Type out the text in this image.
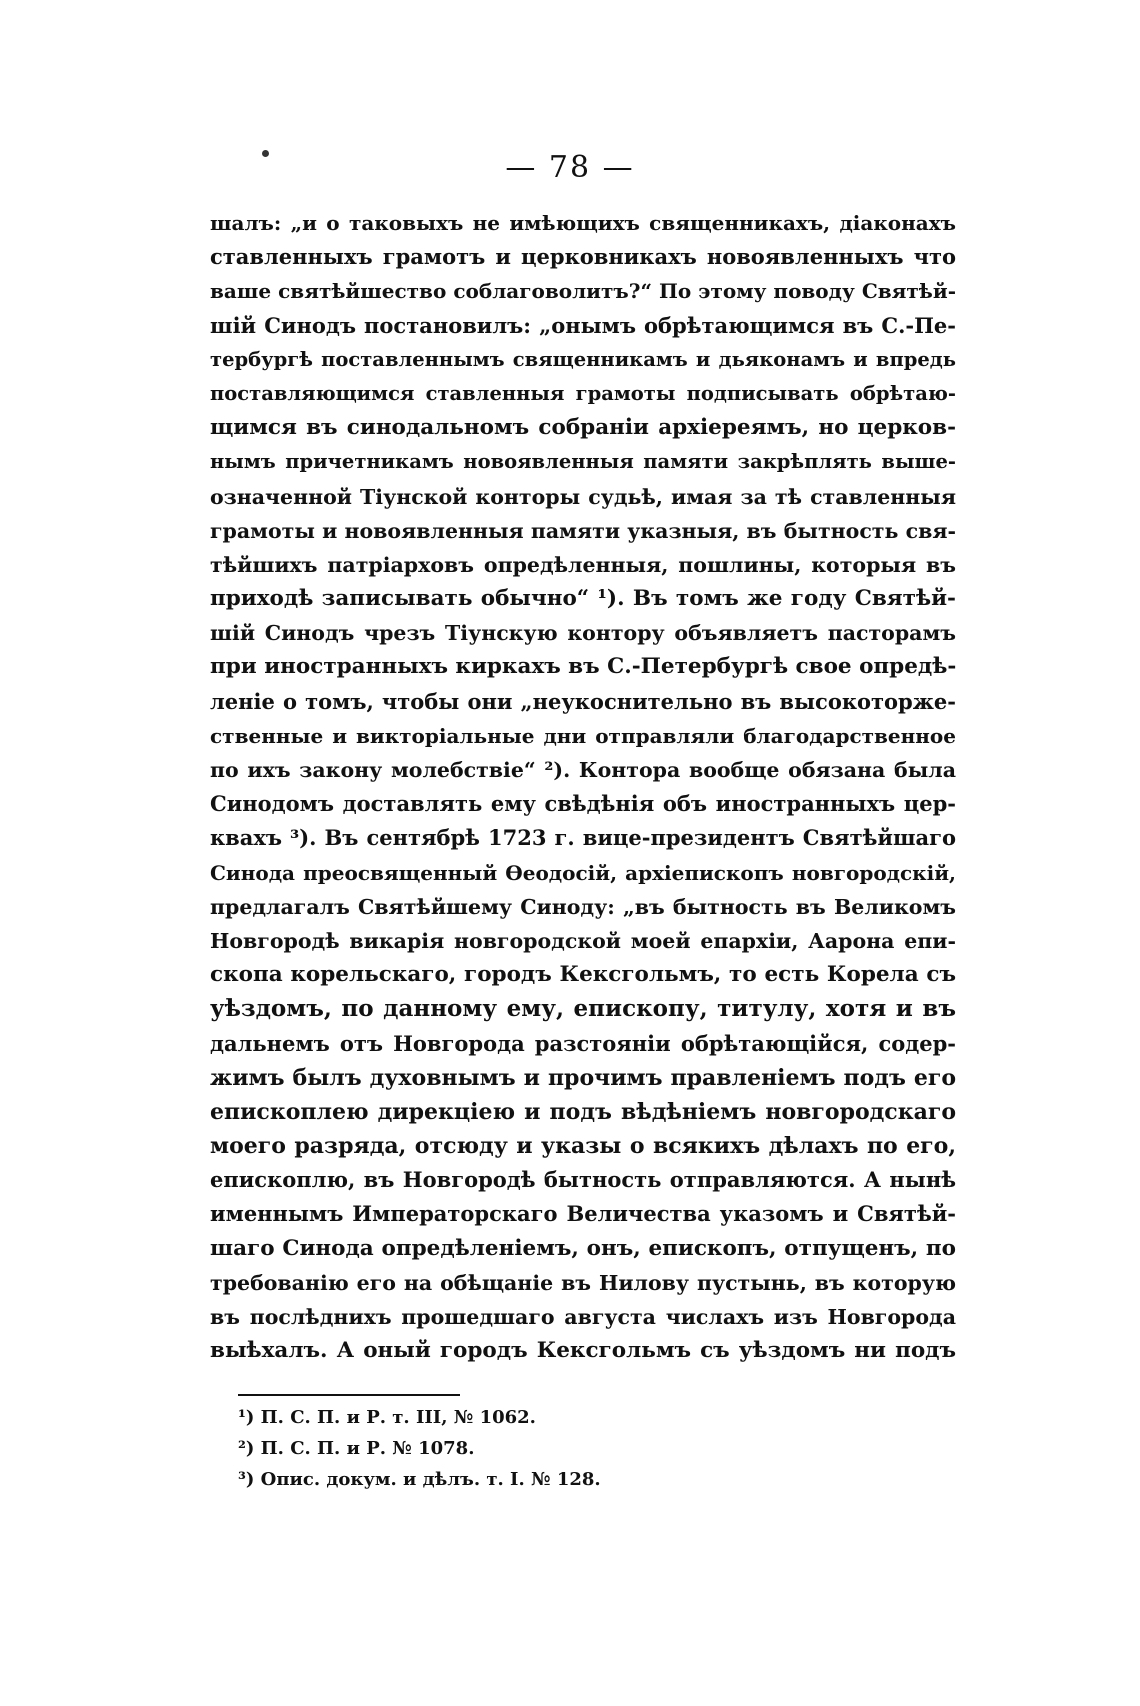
— 78 —
шалъ: „и о таковыхъ не имѣющихъ священникахъ, діаконахъ
ставленныхъ грамотъ и церковникахъ новоявленныхъ что
ваше святѣйшество соблаговолитъ?“ По этому поводу Святѣй-
шій Синодъ постановилъ: „онымъ обрѣтающимся въ С.-Пе-
тербургѣ поставленнымъ священникамъ и дьяконамъ и впредь
поставляющимся ставленныя грамоты подписывать обрѣтаю-
щимся въ синодальномъ собраніи архіереямъ, но церков-
нымъ причетникамъ новоявленныя памяти закрѣплять выше-
означенной Тіунской конторы судьѣ, имая за тѣ ставленныя
грамоты и новоявленныя памяти указныя, въ бытность свя-
тѣйшихъ патріарховъ опредѣленныя, пошлины, которыя въ
приходѣ записывать обычно“ ¹). Въ томъ же году Святѣй-
шій Синодъ чрезъ Тіунскую контору объявляетъ пасторамъ
при иностранныхъ киркахъ въ С.-Петербургѣ свое опредѣ-
леніе о томъ, чтобы они „неукоснительно въ высокоторже-
ственные и викторіальные дни отправляли благодарственное
по ихъ закону молебствіе“ ²). Контора вообще обязана была
Синодомъ доставлять ему свѣдѣнія объ иностранныхъ цер-
квахъ ³). Въ сентябрѣ 1723 г. вице-президентъ Святѣйшаго
Синода преосвященный Ѳеодосій, архіепископъ новгородскій,
предлагалъ Святѣйшему Синоду: „въ бытность въ Великомъ
Новгородѣ викарія новгородской моей епархіи, Аарона епи-
скопа корельскаго, городъ Кексгольмъ, то есть Корела съ
уѣздомъ, по данному ему, епископу, титулу, хотя и въ
дальнемъ отъ Новгорода разстояніи обрѣтающійся, содер-
жимъ былъ духовнымъ и прочимъ правленіемъ подъ его
епископлею дирекціею и подъ вѣдѣніемъ новгородскаго
моего разряда, отсюду и указы о всякихъ дѣлахъ по его,
епископлю, въ Новгородѣ бытность отправляются. А нынѣ
именнымъ Императорскаго Величества указомъ и Святѣй-
шаго Синода опредѣленіемъ, онъ, епископъ, отпущенъ, по
требованію его на обѣщаніе въ Нилову пустынь, въ которую
въ послѣднихъ прошедшаго августа числахъ изъ Новгорода
выѣхалъ. А оный городъ Кексгольмъ съ уѣздомъ ни подъ
¹) П. С. П. и Р. т. III, № 1062.
²) П. С. П. и Р. № 1078.
³) Опис. докум. и дѣлъ. т. I. № 128.
